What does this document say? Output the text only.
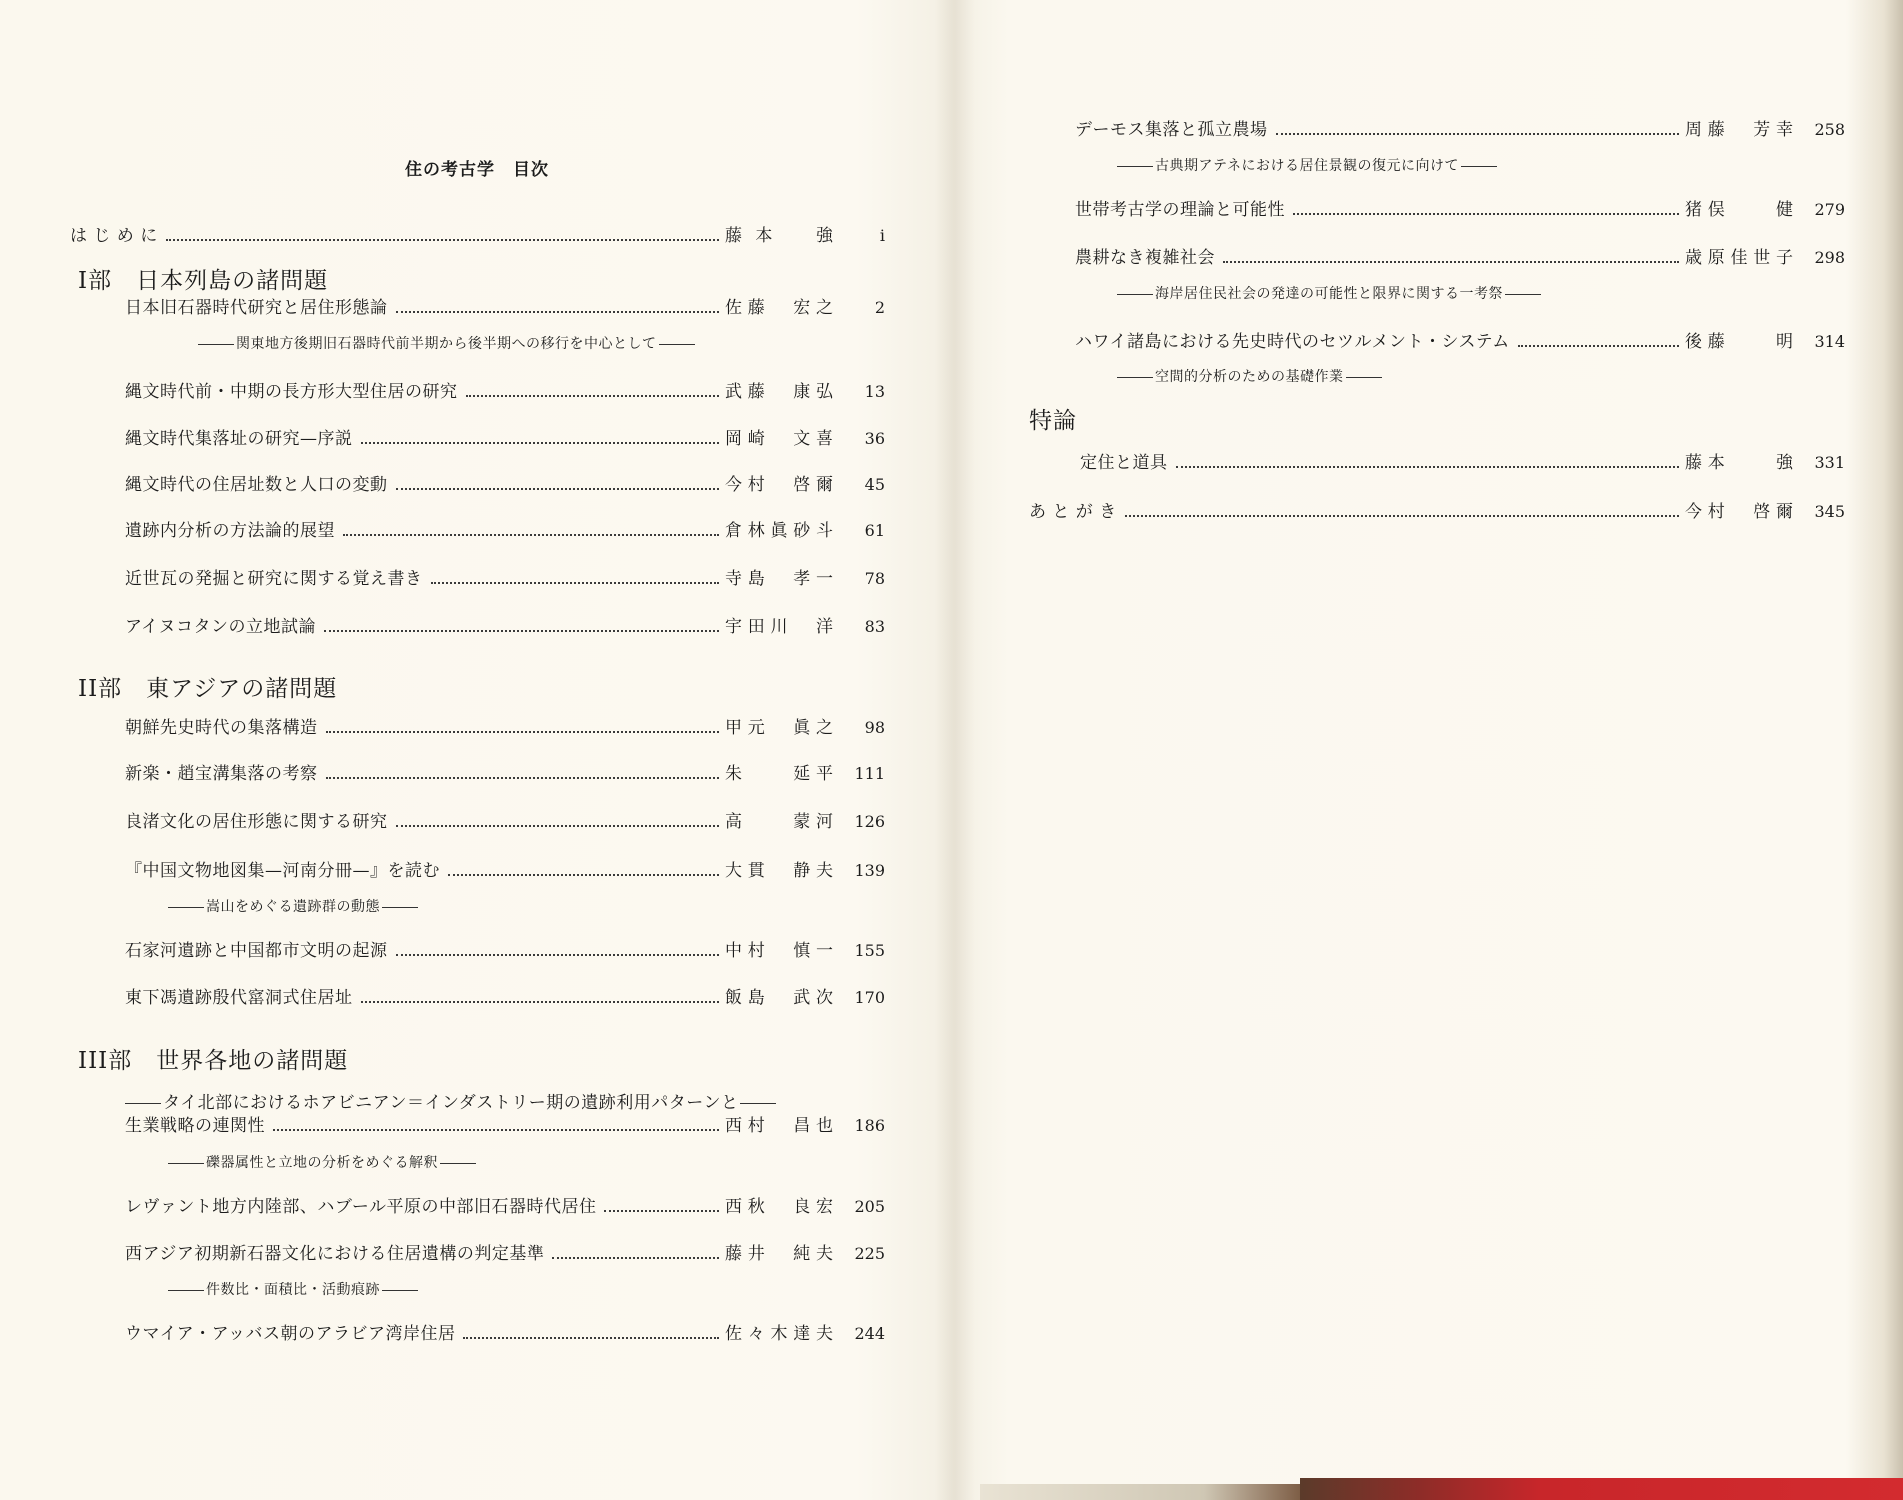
住の考古学　目次
は じ め に	藤本　強	i
I部　日本列島の諸問題
日本旧石器時代研究と居住形態論	佐藤　宏之	2
関東地方後期旧石器時代前半期から後半期への移行を中心として
縄文時代前・中期の長方形大型住居の研究	武藤　康弘	13
縄文時代集落址の研究—序説	岡崎　文喜	36
縄文時代の住居址数と人口の変動	今村　啓爾	45
遺跡内分析の方法論的展望	倉林眞砂斗	61
近世瓦の発掘と研究に関する覚え書き	寺島　孝一	78
アイヌコタンの立地試論	宇田川　洋	83
II部　東アジアの諸問題
朝鮮先史時代の集落構造	甲元　眞之	98
新楽・趙宝溝集落の考察	朱　　延平	111
良渚文化の居住形態に関する研究	高　　蒙河	126
『中国文物地図集—河南分冊—』を読む	大貫　静夫	139
嵩山をめぐる遺跡群の動態
石家河遺跡と中国都市文明の起源	中村　慎一	155
東下馮遺跡殷代窰洞式住居址	飯島　武次	170
III部　世界各地の諸問題
タイ北部におけるホアビニアン＝インダストリー期の遺跡利用パターンと
生業戦略の連関性	西村　昌也	186
礫器属性と立地の分析をめぐる解釈
レヴァント地方内陸部、ハブール平原の中部旧石器時代居住	西秋　良宏	205
西アジア初期新石器文化における住居遺構の判定基準	藤井　純夫	225
件数比・面積比・活動痕跡
ウマイア・アッバス朝のアラビア湾岸住居	佐々木達夫	244
デーモス集落と孤立農場	周藤　芳幸	258
古典期アテネにおける居住景観の復元に向けて
世帯考古学の理論と可能性	猪俣　　健	279
農耕なき複雑社会	歳原佳世子	298
海岸居住民社会の発達の可能性と限界に関する一考祭
ハワイ諸島における先史時代のセツルメント・システム	後藤　　明	314
空間的分析のための基礎作業
特論
定住と道具	藤本　　強	331
あ と が き	今村　啓爾	345
